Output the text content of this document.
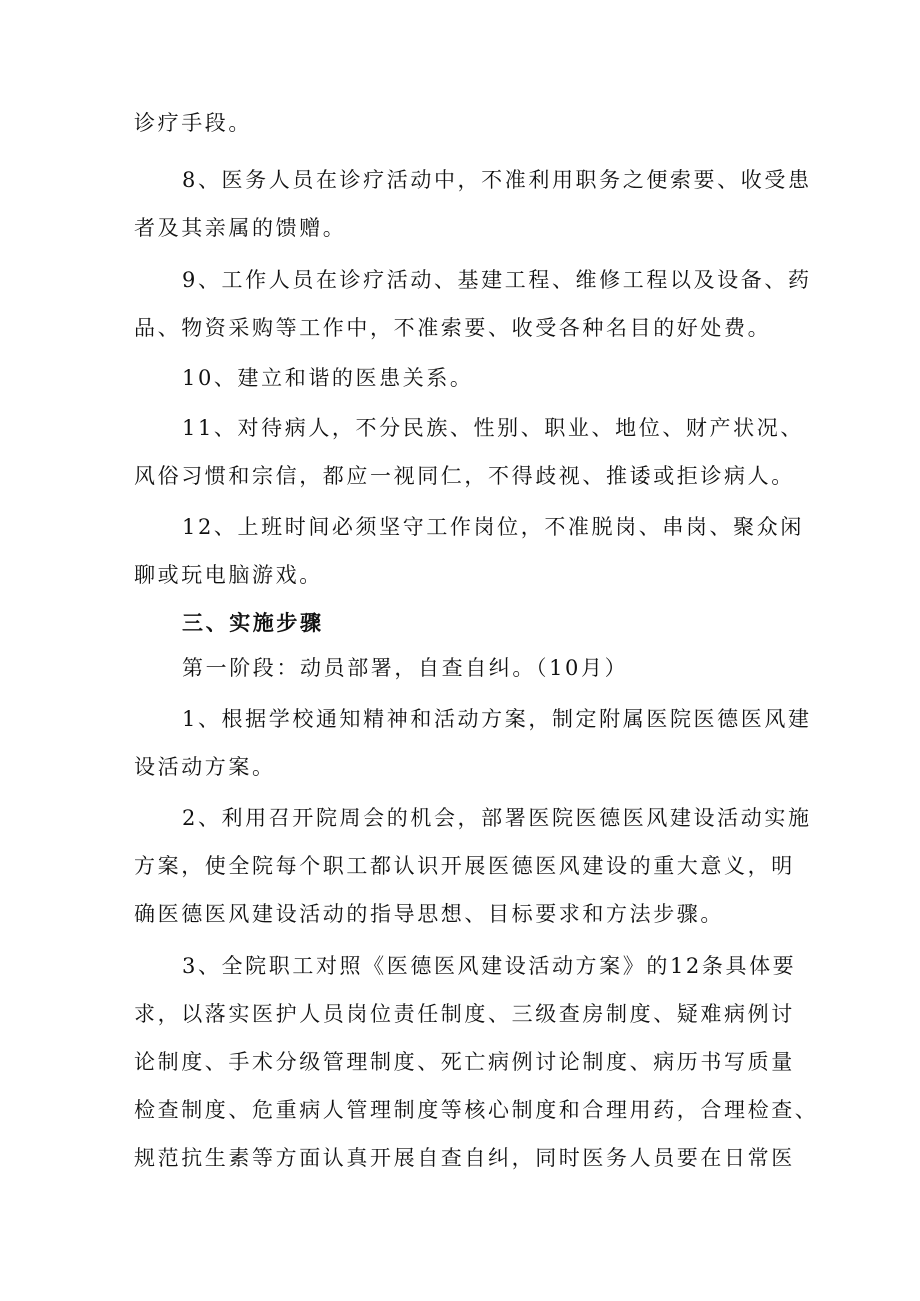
诊疗手段。
8、医务人员在诊疗活动中，不准利用职务之便索要、收受患
者及其亲属的馈赠。
9、工作人员在诊疗活动、基建工程、维修工程以及设备、药
品、物资采购等工作中，不准索要、收受各种名目的好处费。
10、建立和谐的医患关系。
11、对待病人，不分民族、性别、职业、地位、财产状况、
风俗习惯和宗信，都应一视同仁，不得歧视、推诿或拒诊病人。
12、上班时间必须坚守工作岗位，不准脱岗、串岗、聚众闲
聊或玩电脑游戏。
三、实施步骤
第一阶段：动员部署，自查自纠。（10月）
1、根据学校通知精神和活动方案，制定附属医院医德医风建
设活动方案。
2、利用召开院周会的机会，部署医院医德医风建设活动实施
方案，使全院每个职工都认识开展医德医风建设的重大意义，明
确医德医风建设活动的指导思想、目标要求和方法步骤。
3、全院职工对照《医德医风建设活动方案》的12条具体要
求，以落实医护人员岗位责任制度、三级查房制度、疑难病例讨
论制度、手术分级管理制度、死亡病例讨论制度、病历书写质量
检查制度、危重病人管理制度等核心制度和合理用药，合理检查、
规范抗生素等方面认真开展自查自纠，同时医务人员要在日常医
